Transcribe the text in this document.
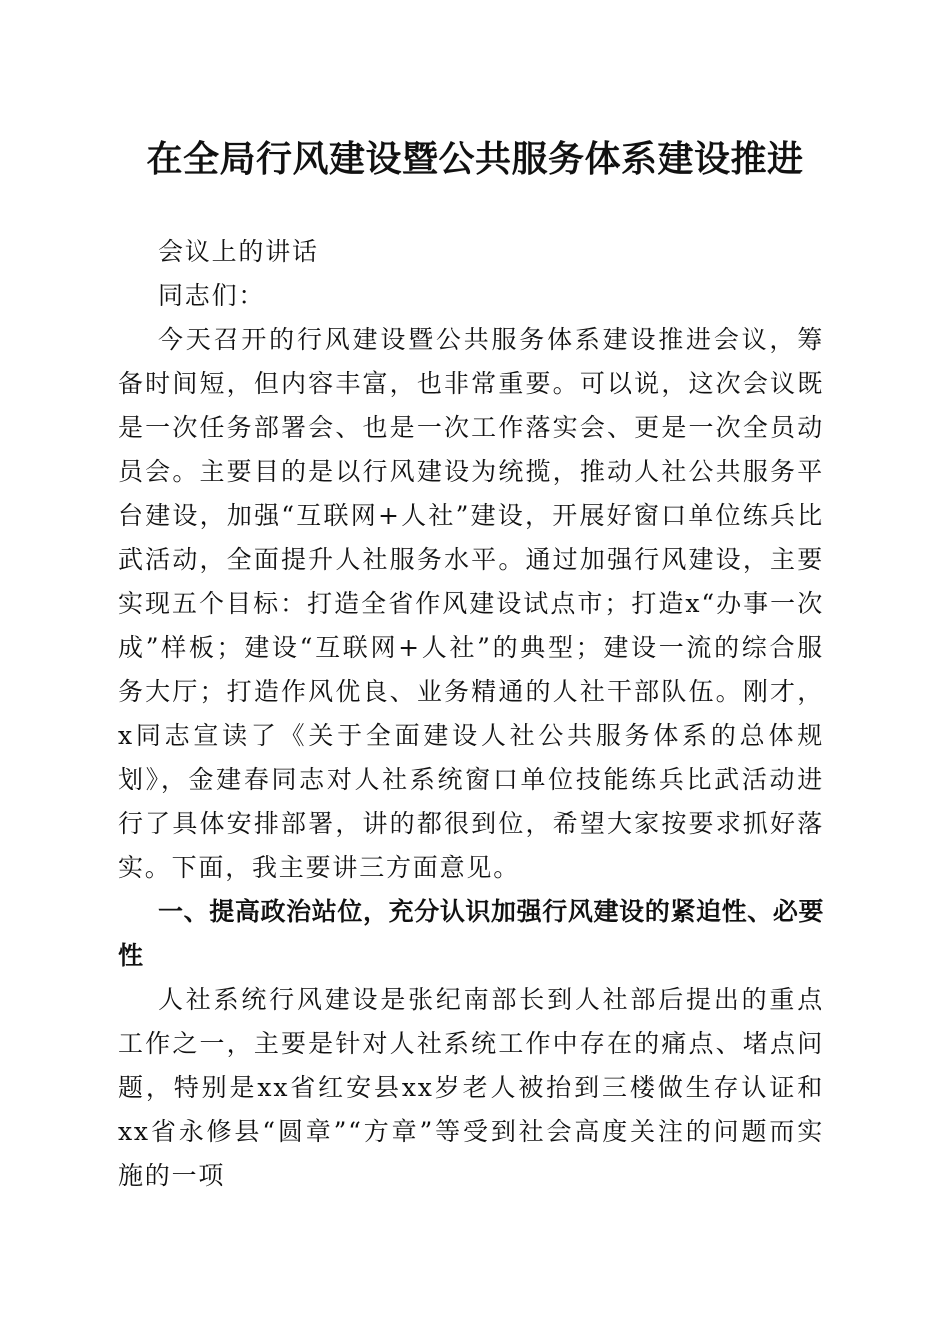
在全局行风建设暨公共服务体系建设推进

会议上的讲话

同志们：

今天召开的行风建设暨公共服务体系建设推进会议，筹备时间短，但内容丰富，也非常重要。可以说，这次会议既是一次任务部署会、也是一次工作落实会、更是一次全员动员会。主要目的是以行风建设为统揽，推动人社公共服务平台建设，加强“互联网+人社”建设，开展好窗口单位练兵比武活动，全面提升人社服务水平。通过加强行风建设，主要实现五个目标：打造全省作风建设试点市；打造x“办事一次成”样板；建设“互联网+人社”的典型；建设一流的综合服务大厅；打造作风优良、业务精通的人社干部队伍。刚才，x同志宣读了《关于全面建设人社公共服务体系的总体规划》，金建春同志对人社系统窗口单位技能练兵比武活动进行了具体安排部署，讲的都很到位，希望大家按要求抓好落实。下面，我主要讲三方面意见。

一、提高政治站位，充分认识加强行风建设的紧迫性、必要性

人社系统行风建设是张纪南部长到人社部后提出的重点工作之一，主要是针对人社系统工作中存在的痛点、堵点问题，特别是xx省红安县xx岁老人被抬到三楼做生存认证和xx省永修县“圆章”“方章”等受到社会高度关注的问题而实施的一项
